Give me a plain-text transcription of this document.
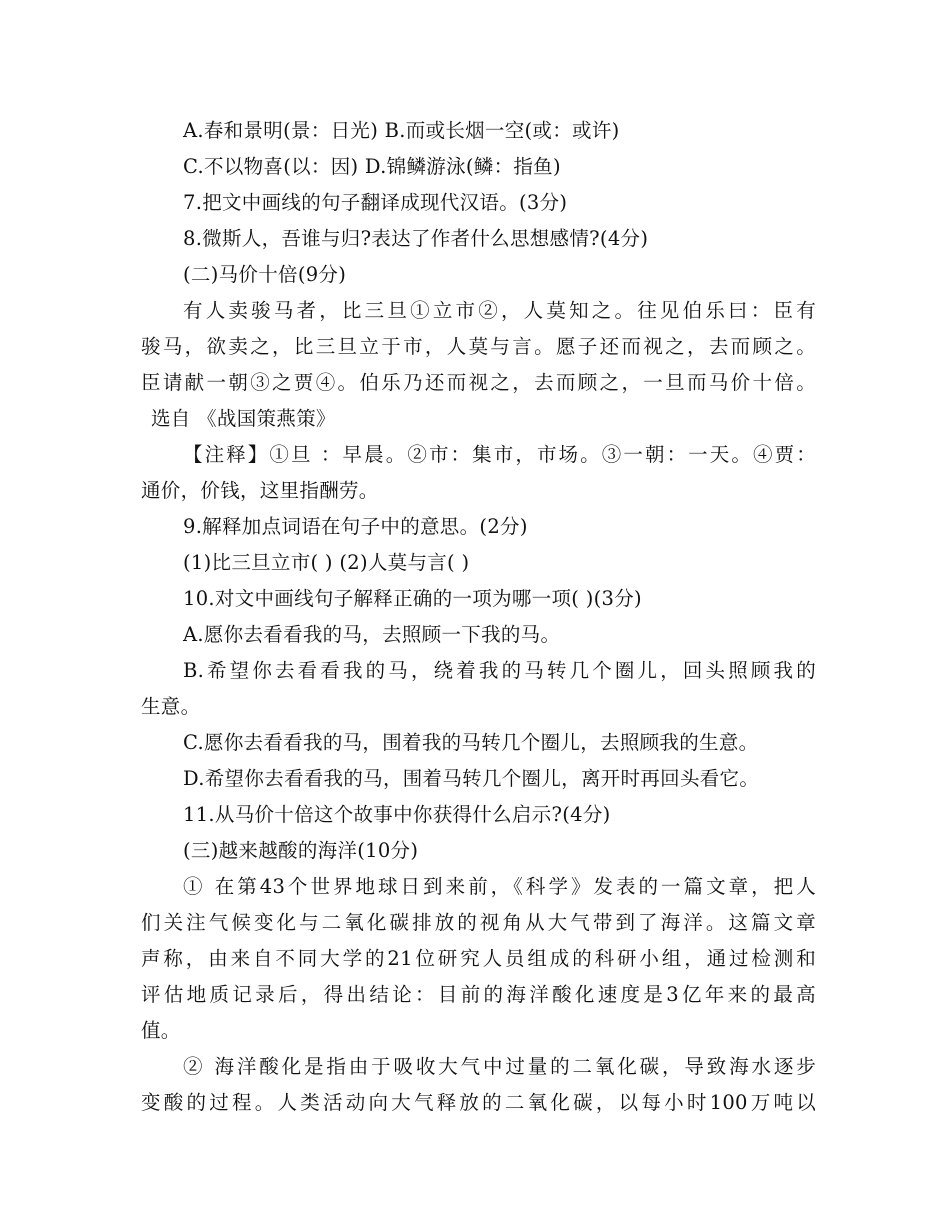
A.春和景明(景：日光) B.而或长烟一空(或：或许)
C.不以物喜(以：因) D.锦鳞游泳(鳞：指鱼)
7.把文中画线的句子翻译成现代汉语。(3分)
8.微斯人，吾谁与归?表达了作者什么思想感情?(4分)
(二)马价十倍(9分)
有人卖骏马者，比三旦①立市②，人莫知之。往见伯乐曰：臣有
骏马，欲卖之，比三旦立于市，人莫与言。愿子还而视之，去而顾之。
臣请献一朝③之贾④。伯乐乃还而视之，去而顾之，一旦而马价十倍。
选自 《战国策燕策》
【注释】①旦 ：早晨。②市：集市，市场。③一朝：一天。④贾：
通价，价钱，这里指酬劳。
9.解释加点词语在句子中的意思。(2分)
(1)比三旦立市( ) (2)人莫与言( )
10.对文中画线句子解释正确的一项为哪一项( )(3分)
A.愿你去看看我的马，去照顾一下我的马。
B.希望你去看看我的马，绕着我的马转几个圈儿，回头照顾我的
生意。
C.愿你去看看我的马，围着我的马转几个圈儿，去照顾我的生意。
D.希望你去看看我的马，围着马转几个圈儿，离开时再回头看它。
11.从马价十倍这个故事中你获得什么启示?(4分)
(三)越来越酸的海洋(10分)
① 在第43个世界地球日到来前，《科学》发表的一篇文章，把人
们关注气候变化与二氧化碳排放的视角从大气带到了海洋。这篇文章
声称，由来自不同大学的21位研究人员组成的科研小组，通过检测和
评估地质记录后，得出结论：目前的海洋酸化速度是3亿年来的最高
值。
② 海洋酸化是指由于吸收大气中过量的二氧化碳，导致海水逐步
变酸的过程。人类活动向大气释放的二氧化碳，以每小时100万吨以
